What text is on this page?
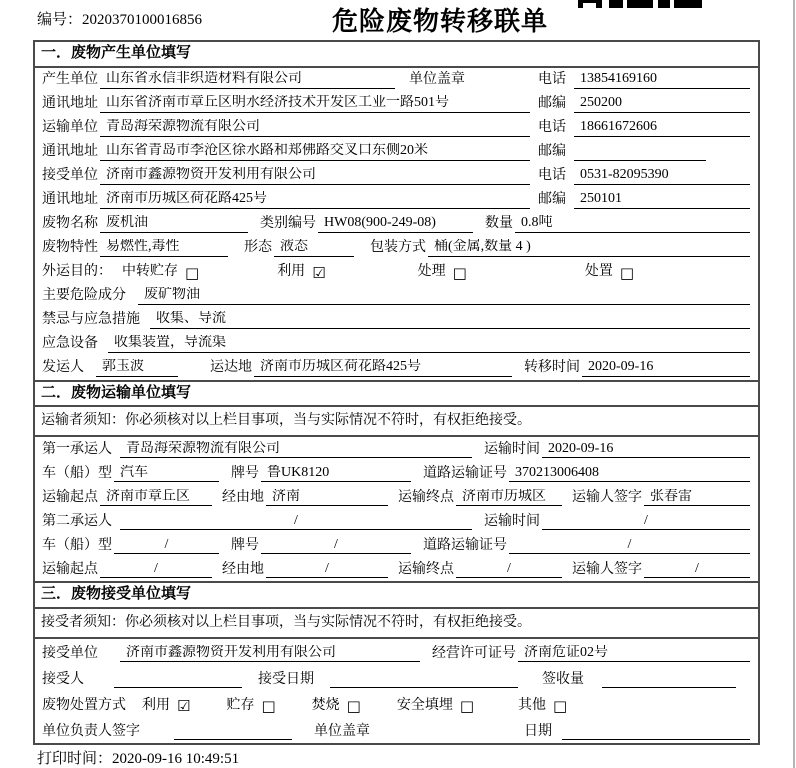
编号：2020370100016856	危险废物转移联单
一．废物产生单位填写
产生单位 山东省永信非织造材料有限公司	单位盖章	电话	13854169160
通讯地址 山东省济南市章丘区明水经济技术开发区工业一路501号	邮编	250200
运输单位 青岛海荣源物流有限公司	电话	18661672606
通讯地址 山东省青岛市李沧区徐水路和郑佛路交叉口东侧20米	邮编
接受单位 济南市鑫源物资开发利用有限公司	电话	0531-82095390
通讯地址 济南市历城区荷花路425号	邮编	250101
废物名称 废机油	类别编号 HW08(900-249-08)	数量 0.8吨
废物特性 易燃性,毒性	形态 液态	包装方式 桶(金属,数量 4 )
外运目的： 中转贮存 □	利用 ☑	处理 □	处置 □
主要危险成分	废矿物油
禁忌与应急措施	收集、导流
应急设备	收集装置，导流渠
发运人	郭玉波	运达地 济南市历城区荷花路425号	转移时间 2020-09-16
二．废物运输单位填写
运输者须知：你必须核对以上栏目事项，当与实际情况不符时，有权拒绝接受。
第一承运人	青岛海荣源物流有限公司	运输时间 2020-09-16
车（船）型 汽车	牌号 鲁UK8120	道路运输证号 370213006408
运输起点 济南市章丘区	经由地 济南	运输终点 济南市历城区	运输人签字 张春雷
第二承运人	/	运输时间	/
车（船）型	/	牌号	/	道路运输证号	/
运输起点	/	经由地	/	运输终点	/	运输人签字	/
三．废物接受单位填写
接受者须知：你必须核对以上栏目事项，当与实际情况不符时，有权拒绝接受。
接受单位	济南市鑫源物资开发利用有限公司	经营许可证号 济南危证02号
接受人	接受日期	签收量
废物处置方式 利用 ☑	贮存 □	焚烧 □	安全填埋 □	其他 □
单位负责人签字	单位盖章	日期
打印时间：2020-09-16 10:49:51
